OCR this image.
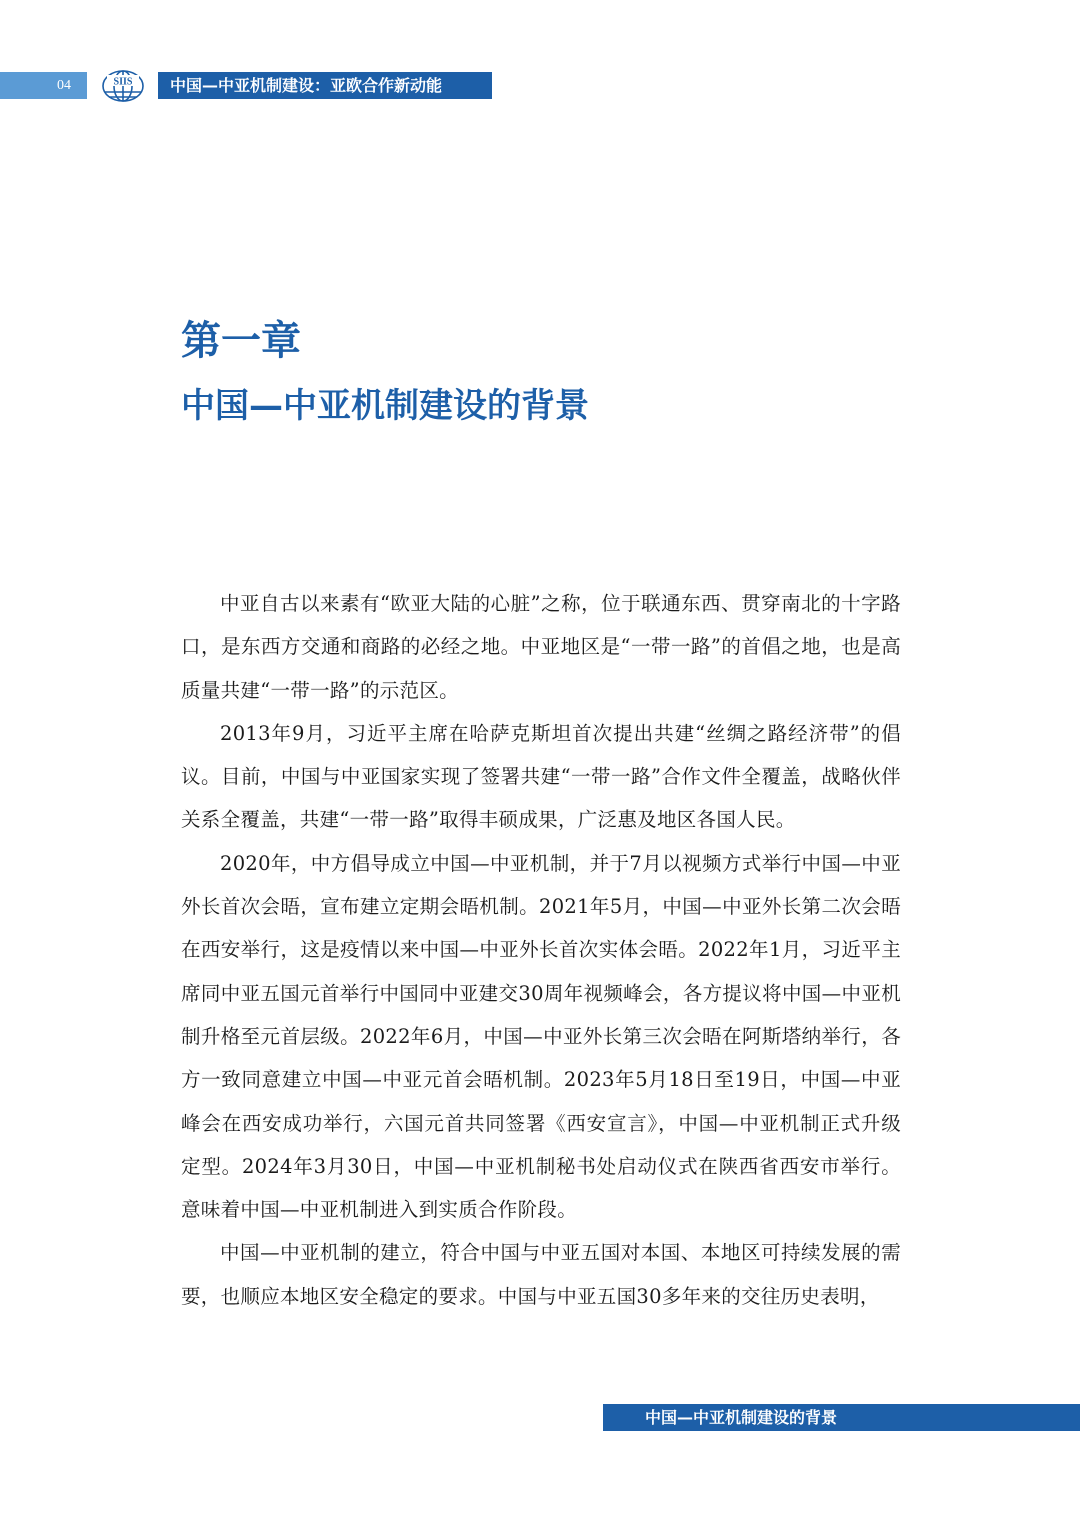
04	SIIS	中国—中亚机制建设：亚欧合作新动能
第一章
中国—中亚机制建设的背景

中亚自古以来素有“欧亚大陆的心脏”之称，位于联通东西、贯穿南北的十字路口，是东西方交通和商路的必经之地。中亚地区是“一带一路”的首倡之地，也是高质量共建“一带一路”的示范区。

2013年9月，习近平主席在哈萨克斯坦首次提出共建“丝绸之路经济带”的倡议。目前，中国与中亚国家实现了签署共建“一带一路”合作文件全覆盖，战略伙伴关系全覆盖，共建“一带一路”取得丰硕成果，广泛惠及地区各国人民。

2020年，中方倡导成立中国—中亚机制，并于7月以视频方式举行中国—中亚外长首次会晤，宣布建立定期会晤机制。2021年5月，中国—中亚外长第二次会晤在西安举行，这是疫情以来中国—中亚外长首次实体会晤。2022年1月，习近平主席同中亚五国元首举行中国同中亚建交30周年视频峰会，各方提议将中国—中亚机制升格至元首层级。2022年6月，中国—中亚外长第三次会晤在阿斯塔纳举行，各方一致同意建立中国—中亚元首会晤机制。2023年5月18日至19日，中国—中亚峰会在西安成功举行，六国元首共同签署《西安宣言》，中国—中亚机制正式升级定型。2024年3月30日，中国—中亚机制秘书处启动仪式在陕西省西安市举行。意味着中国—中亚机制进入到实质合作阶段。

中国—中亚机制的建立，符合中国与中亚五国对本国、本地区可持续发展的需要，也顺应本地区安全稳定的要求。中国与中亚五国30多年来的交往历史表明，

中国—中亚机制建设的背景
